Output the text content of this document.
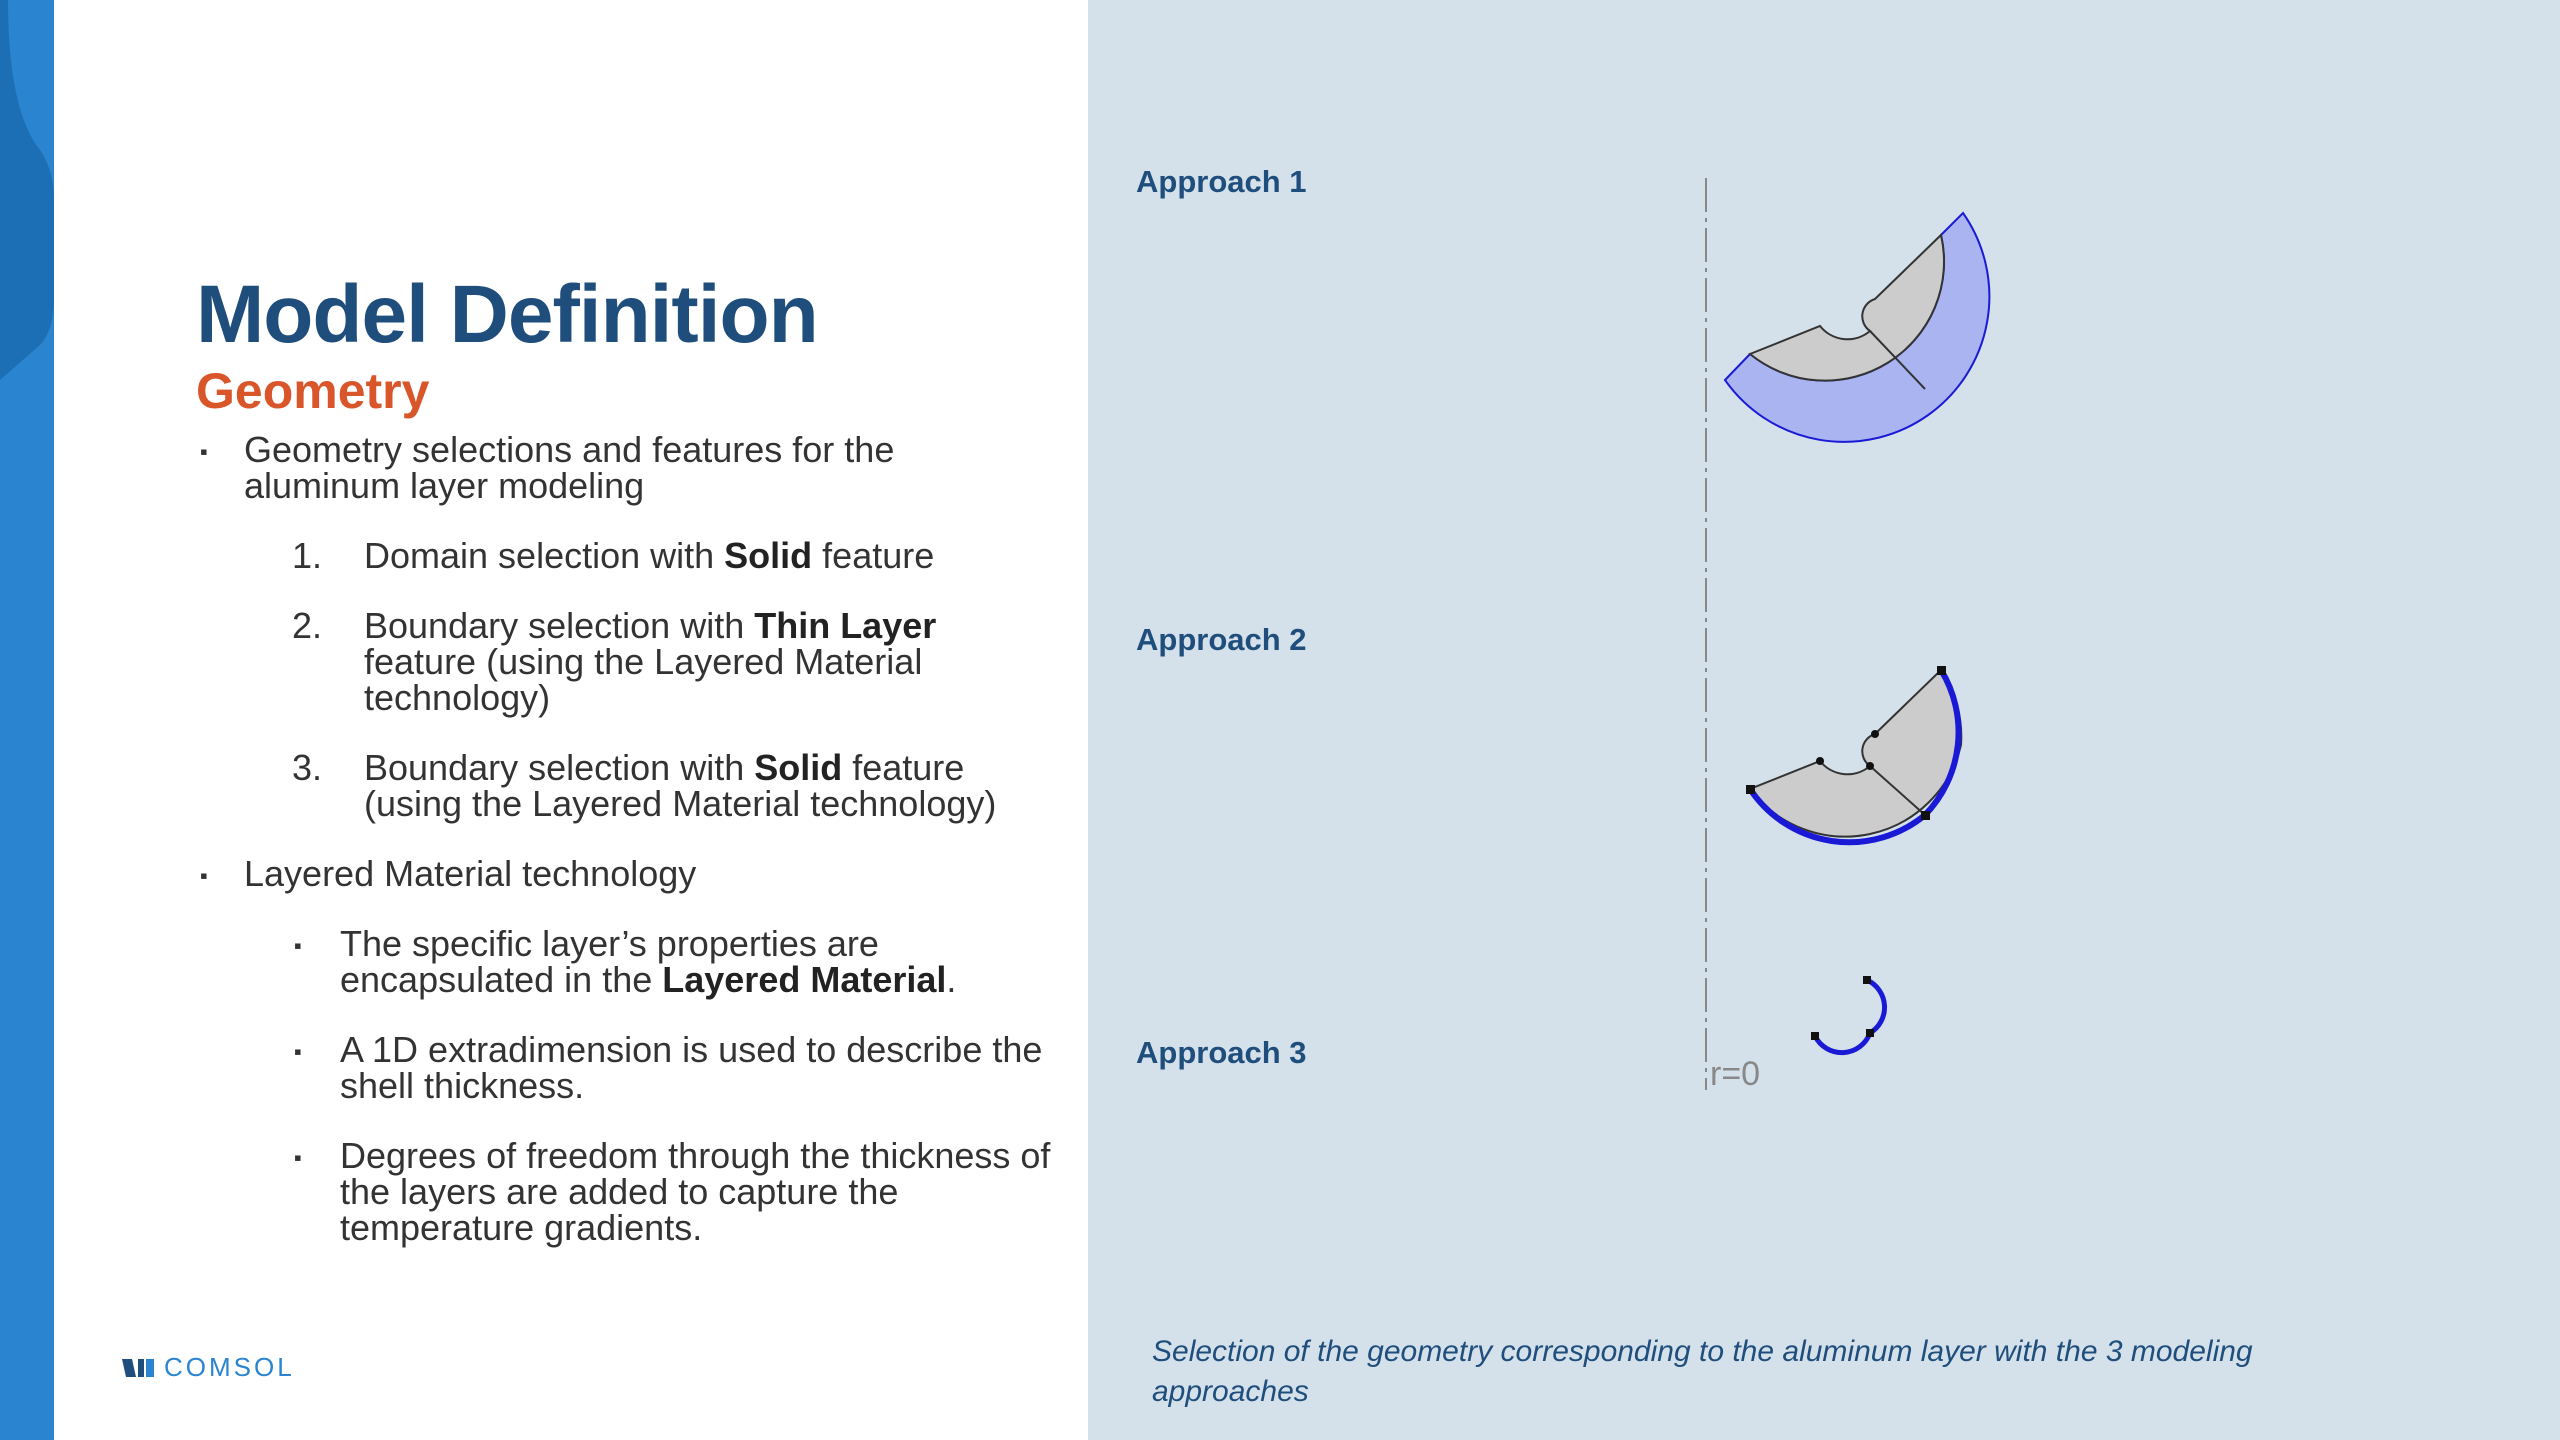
Model Definition
Geometry
▪ Geometry selections and features for the aluminum layer modeling
1. Domain selection with Solid feature
2. Boundary selection with Thin Layer feature (using the Layered Material technology)
3. Boundary selection with Solid feature (using the Layered Material technology)
▪ Layered Material technology
▪ The specific layer’s properties are encapsulated in the Layered Material.
▪ A 1D extradimension is used to describe the shell thickness.
▪ Degrees of freedom through the thickness of the layers are added to capture the temperature gradients.
COMSOL
Approach 1
Approach 2
Approach 3
r=0
Selection of the geometry corresponding to the aluminum layer with the 3 modeling approaches
